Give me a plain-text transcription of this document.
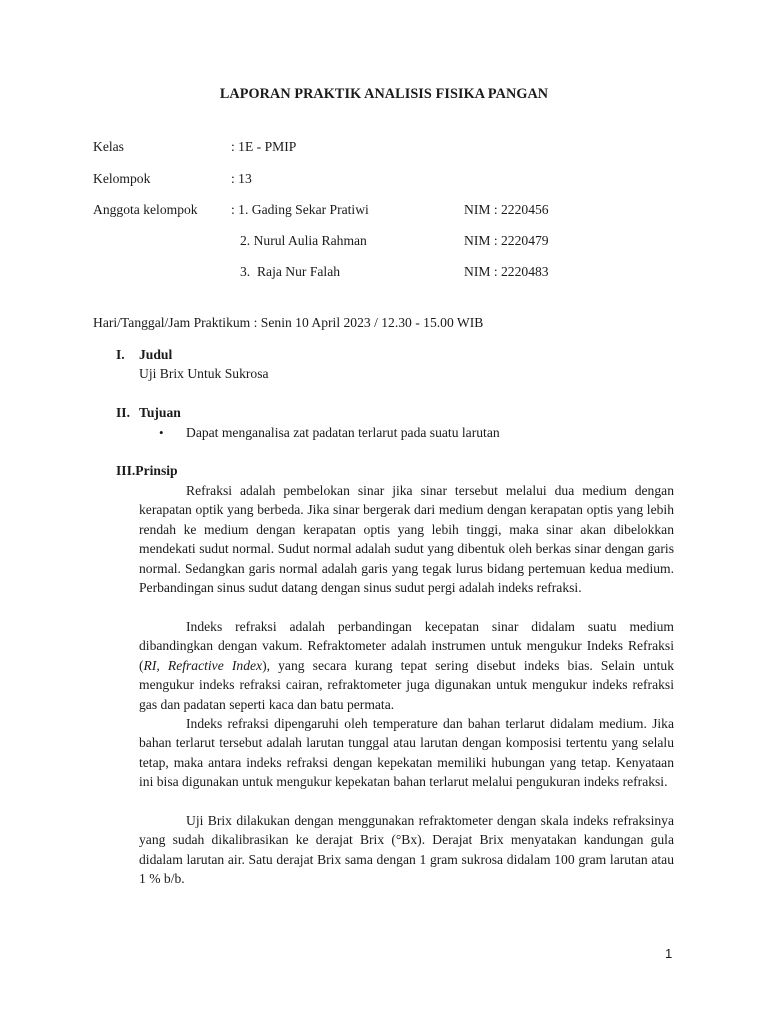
LAPORAN PRAKTIK ANALISIS FISIKA PANGAN
Kelas	: 1E - PMIP
Kelompok	: 13
Anggota kelompok : 1. Gading Sekar Pratiwi	NIM : 2220456
2. Nurul Aulia Rahman	NIM : 2220479
3.  Raja Nur Falah	NIM : 2220483
Hari/Tanggal/Jam Praktikum : Senin 10 April 2023 / 12.30 - 15.00 WIB
I. Judul
Uji Brix Untuk Sukrosa
II. Tujuan
• Dapat menganalisa zat padatan terlarut pada suatu larutan
III.Prinsip
Refraksi adalah pembelokan sinar jika sinar tersebut melalui dua medium dengan kerapatan optik yang berbeda. Jika sinar bergerak dari medium dengan kerapatan optis yang lebih rendah ke medium dengan kerapatan optis yang lebih tinggi, maka sinar akan dibelokkan mendekati sudut normal. Sudut normal adalah sudut yang dibentuk oleh berkas sinar dengan garis normal. Sedangkan garis normal adalah garis yang tegak lurus bidang pertemuan kedua medium. Perbandingan sinus sudut datang dengan sinus sudut pergi adalah indeks refraksi.
Indeks refraksi adalah perbandingan kecepatan sinar didalam suatu medium dibandingkan dengan vakum. Refraktometer adalah instrumen untuk mengukur Indeks Refraksi (RI, Refractive Index), yang secara kurang tepat sering disebut indeks bias. Selain untuk mengukur indeks refraksi cairan, refraktometer juga digunakan untuk mengukur indeks refraksi gas dan padatan seperti kaca dan batu permata.
Indeks refraksi dipengaruhi oleh temperature dan bahan terlarut didalam medium. Jika bahan terlarut tersebut adalah larutan tunggal atau larutan dengan komposisi tertentu yang selalu tetap, maka antara indeks refraksi dengan kepekatan memiliki hubungan yang tetap. Kenyataan ini bisa digunakan untuk mengukur kepekatan bahan terlarut melalui pengukuran indeks refraksi.
Uji Brix dilakukan dengan menggunakan refraktometer dengan skala indeks refraksinya yang sudah dikalibrasikan ke derajat Brix (°Bx). Derajat Brix menyatakan kandungan gula didalam larutan air. Satu derajat Brix sama dengan 1 gram sukrosa didalam 100 gram larutan atau 1 % b/b.
1
